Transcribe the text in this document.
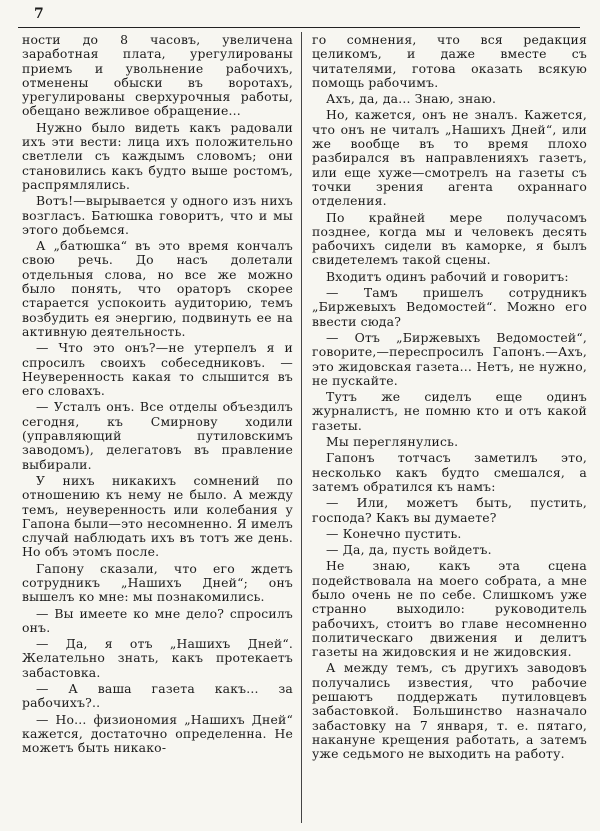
7

ности до 8 часовъ, увеличена заработная плата, урегулированы приемъ и увольнение рабочихъ, отменены обыски въ воротахъ, урегулированы сверхурочныя работы, обещано вежливое обращение...

Нужно было видеть какъ радовали ихъ эти вести: лица ихъ положительно светлели съ каждымъ словомъ; они становились какъ будто выше ростомъ, распрямлялись.

Вотъ!—вырывается у одного изъ нихъ возгласъ. Батюшка говоритъ, что и мы этого добьемся.

А „батюшка“ въ это время кончалъ свою речь. До насъ долетали отдельныя слова, но все же можно было понять, что ораторъ скорее старается успокоить аудиторию, темъ возбудить ея энергию, подвинуть ее на активную деятельность.

— Что это онъ?—не утерпелъ я и спросилъ своихъ собеседниковъ. —Неуверенность какая то слышится въ его словахъ.

— Усталъ онъ. Все отделы объездилъ сегодня, къ Смирнову ходили (управляющий путиловскимъ заводомъ), делегатовъ въ правление выбирали.

У нихъ никакихъ сомнений по отношению къ нему не было. А между темъ, неуверенность или колебания у Гапона были—это несомненно. Я имелъ случай наблюдать ихъ въ тотъ же день. Но объ этомъ после.

Гапону сказали, что его ждетъ сотрудникъ „Нашихъ Дней“; онъ вышелъ ко мне: мы познакомились.

— Вы имеете ко мне дело? спросилъ онъ.

— Да, я отъ „Нашихъ Дней“. Желательно знать, какъ протекаетъ забастовка.

— А ваша газета какъ... за рабочихъ?..

— Но... физиономия „Нашихъ Дней“ кажется, достаточно определенна. Не можетъ быть никако-

го сомнения, что вся редакция целикомъ, и даже вместе съ читателями, готова оказать всякую помощь рабочимъ.

Ахъ, да, да... Знаю, знаю.

Но, кажется, онъ не зналъ. Кажется, что онъ не читалъ „Нашихъ Дней“, или же вообще въ то время плохо разбирался въ направленияхъ газетъ, или еще хуже—смотрелъ на газеты съ точки зрения агента охраннаго отделения.

По крайней мере получасомъ позднее, когда мы и человекъ десять рабочихъ сидели въ каморке, я былъ свидетелемъ такой сцены.

Входитъ одинъ рабочий и говоритъ:

— Тамъ пришелъ сотрудникъ „Биржевыхъ Ведомостей“. Можно его ввести сюда?

— Отъ „Биржевыхъ Ведомостей“, говорите,—переспросилъ Гапонъ.—Ахъ, это жидовская газета... Нетъ, не нужно, не пускайте.

Тутъ же сиделъ еще одинъ журналистъ, не помню кто и отъ какой газеты.

Мы переглянулись.

Гапонъ тотчасъ заметилъ это, несколько какъ будто смешался, а затемъ обратился къ намъ:

— Или, можетъ быть, пустить, господа? Какъ вы думаете?

— Конечно пустить.

— Да, да, пусть войдетъ.

Не знаю, какъ эта сцена подействовала на моего собрата, а мне было очень не по себе. Слишкомъ уже странно выходило: руководитель рабочихъ, стоитъ во главе несомненно политическаго движения и делитъ газеты на жидовския и не жидовския.

А между темъ, съ другихъ заводовъ получались известия, что рабочие решаютъ поддержать путиловцевъ забастовкой. Большинство назначало забастовку на 7 января, т. е. пятаго, накануне крещения работать, а затемъ уже седьмого не выходить на работу.
